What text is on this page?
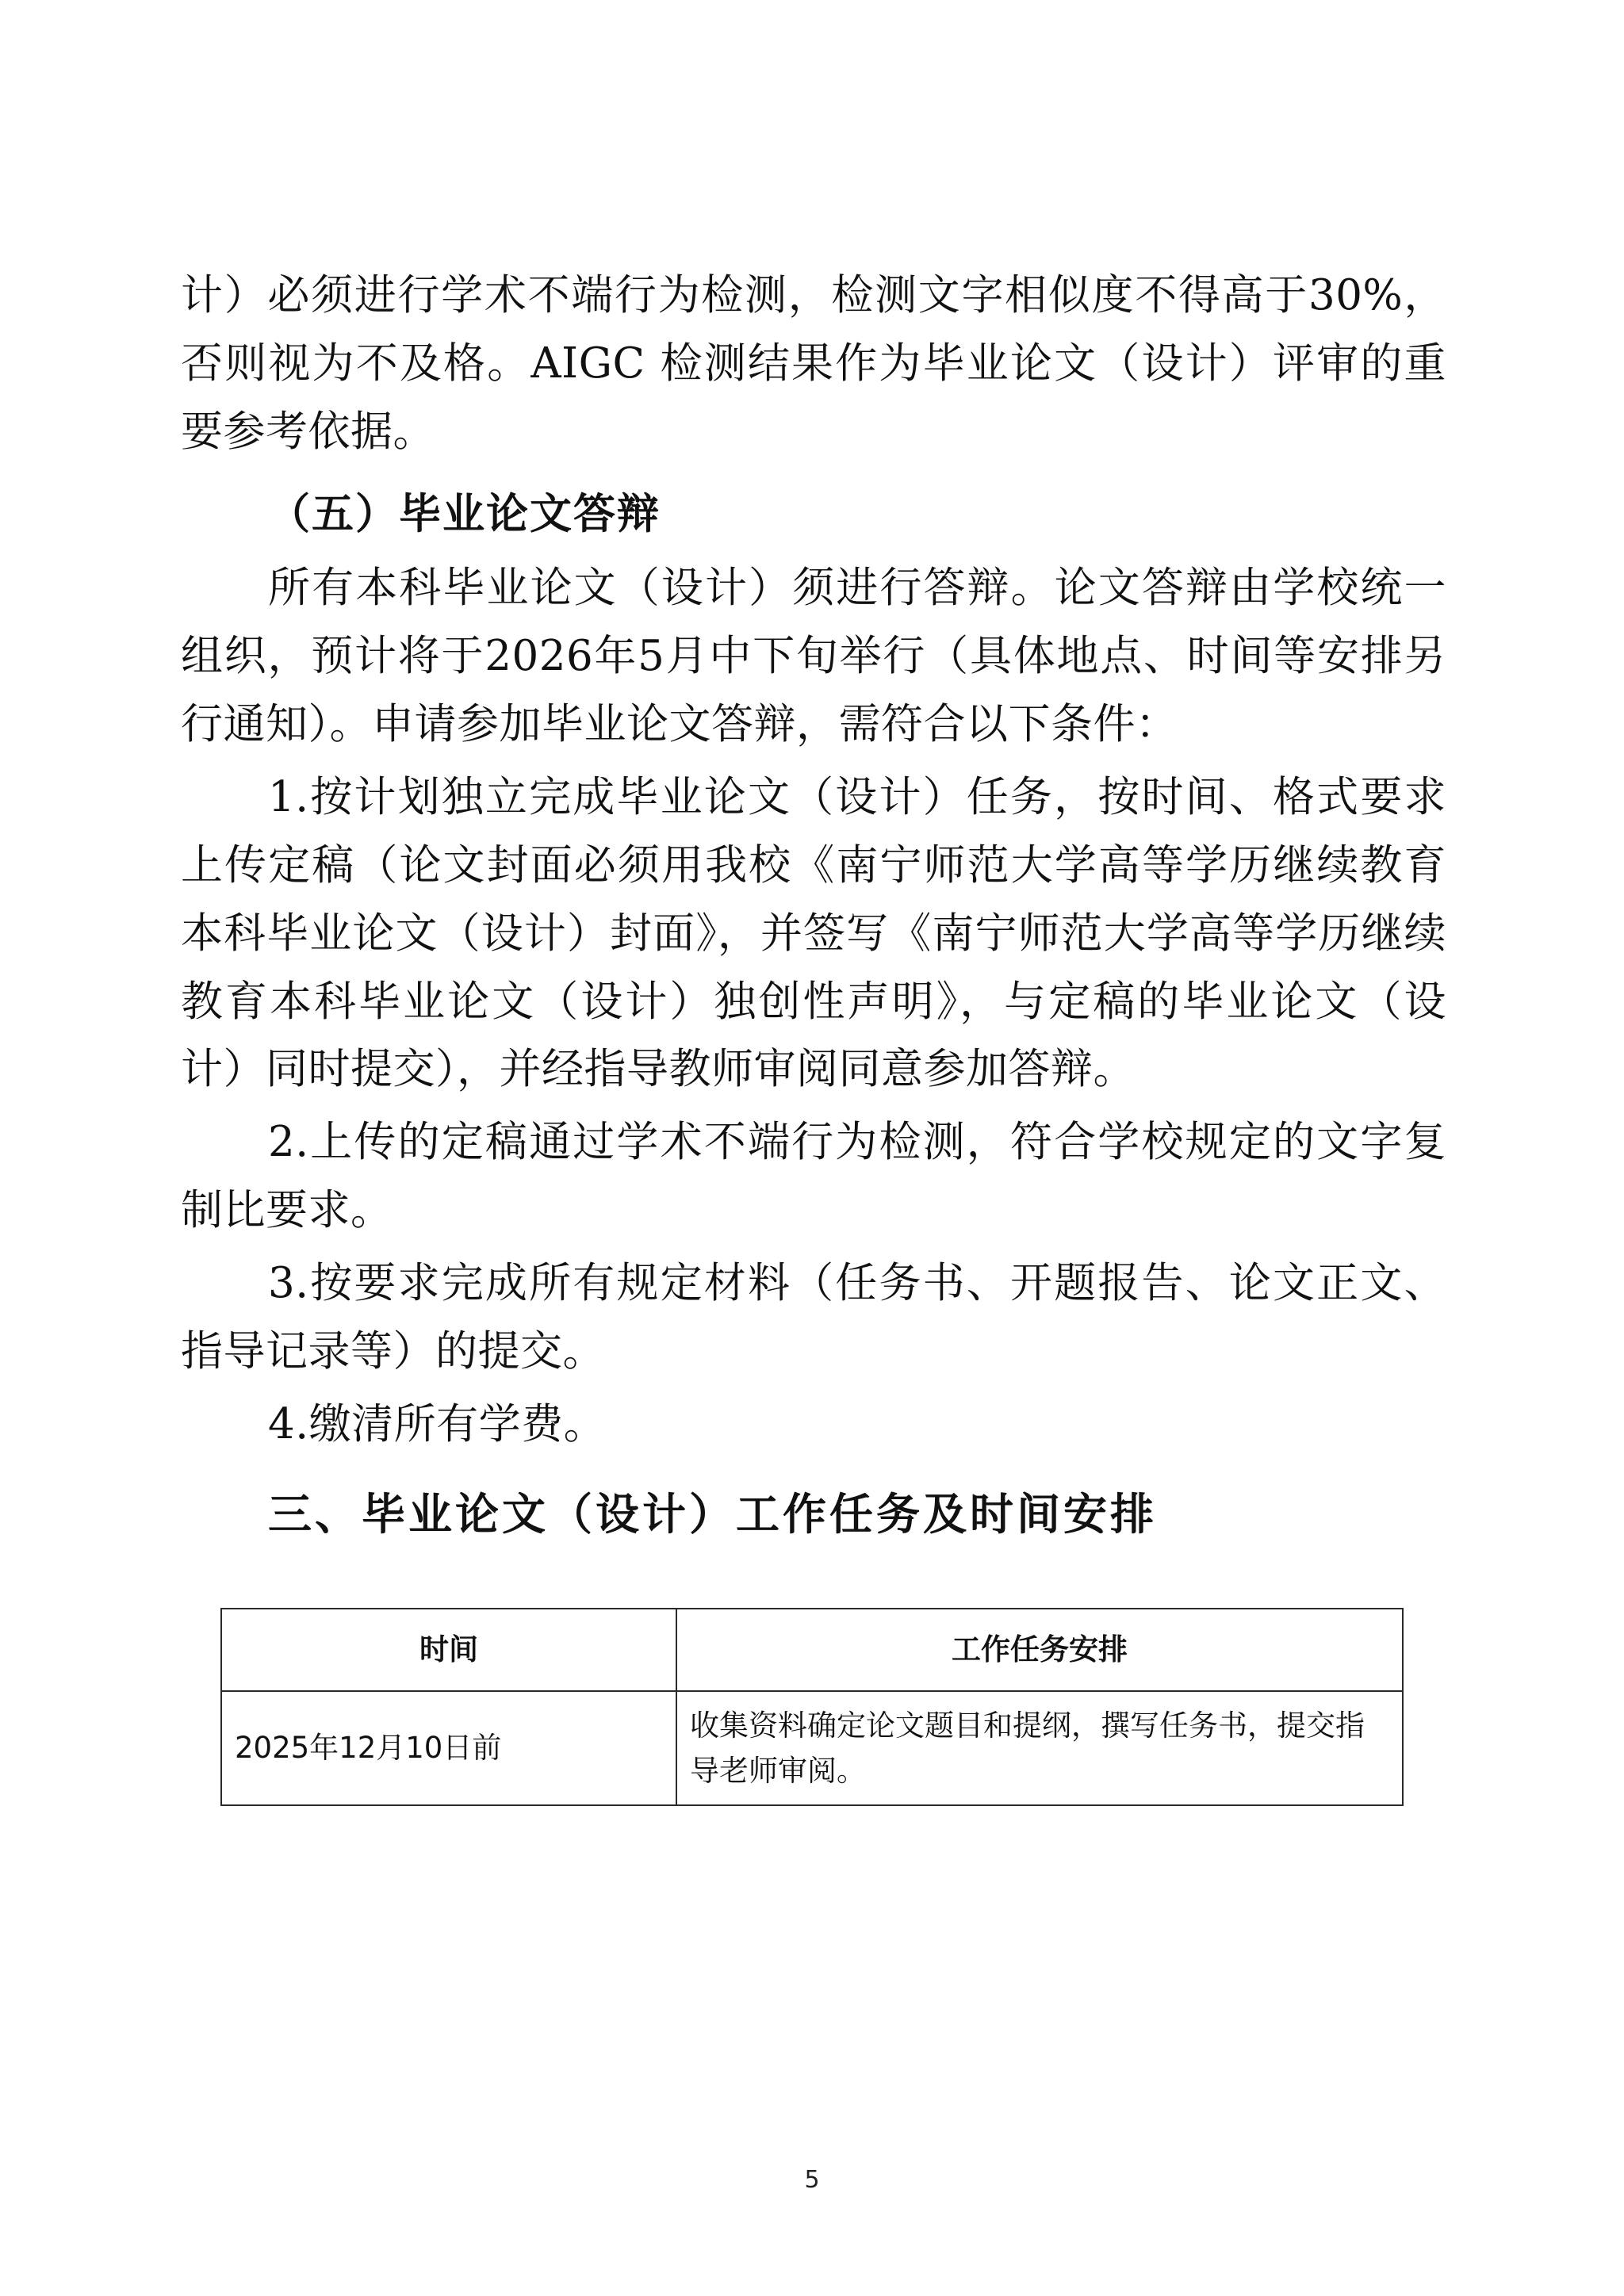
计）必须进行学术不端行为检测，检测文字相似度不得高于30%，否则视为不及格。AIGC 检测结果作为毕业论文（设计）评审的重要参考依据。

（五）毕业论文答辩

所有本科毕业论文（设计）须进行答辩。论文答辩由学校统一组织，预计将于2026年5月中下旬举行（具体地点、时间等安排另行通知）。申请参加毕业论文答辩，需符合以下条件：

1.按计划独立完成毕业论文（设计）任务，按时间、格式要求上传定稿（论文封面必须用我校《南宁师范大学高等学历继续教育本科毕业论文（设计）封面》，并签写《南宁师范大学高等学历继续教育本科毕业论文（设计）独创性声明》，与定稿的毕业论文（设计）同时提交），并经指导教师审阅同意参加答辩。

2.上传的定稿通过学术不端行为检测，符合学校规定的文字复制比要求。

3.按要求完成所有规定材料（任务书、开题报告、论文正文、指导记录等）的提交。

4.缴清所有学费。

三、毕业论文（设计）工作任务及时间安排

时间	工作任务安排
2025年12月10日前	收集资料确定论文题目和提纲，撰写任务书，提交指导老师审阅。
5
